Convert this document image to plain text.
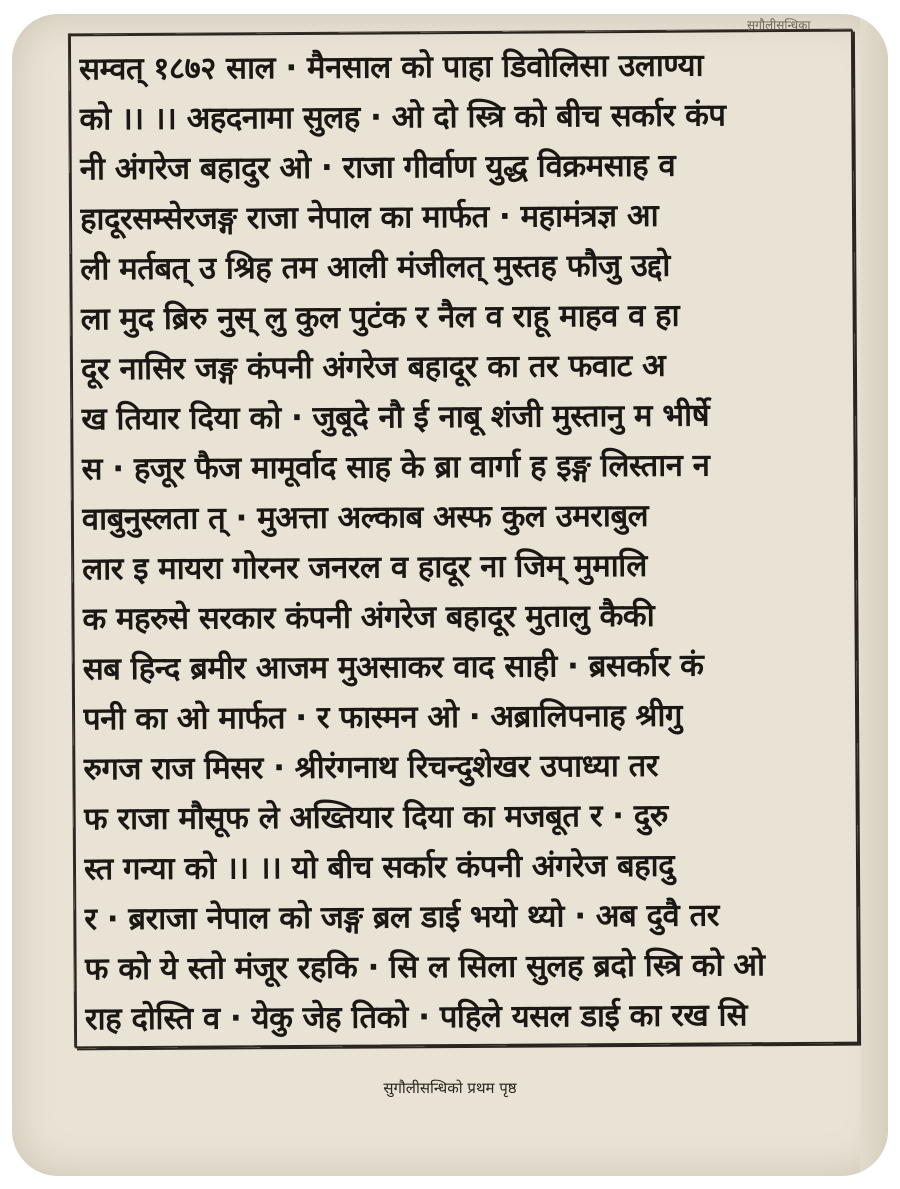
सुगौलीसन्धिका
सम्वत् १८७२ साल · मैनसाल को पाहा डिवोलिसा उलाण्या
को ।। ।। अहदनामा सुलह · ओ दो स्त्रि को बीच सर्कार कंप
नी अंगरेज बहादुर ओ · राजा गीर्वाण युद्ध विक्रमसाह व
हादूरसम्सेरजङ्ग राजा नेपाल का मार्फत · महामंत्रज्ञ आ
ली मर्तबत् उ श्रिह तम आली मंजीलत् मुस्तह फौजु उद्दो
ला मुद ब्रिरु नुस् लु कुल पुटंक र नैल व राहू माहव व हा
दूर नासिर जङ्ग कंपनी अंगरेज बहादूर का तर फवाट अ
ख तियार दिया को · जुबूदे नौ ई नाबू शंजी मुस्तानु म भीर्षे
स · हजूर फैज मामूर्वाद साह के ब्रा वार्गा ह इङ्ग लिस्तान न
वाबुनुस्लता त् · मुअत्ता अल्काब अस्फ कुल उमराबुल
लार इ मायरा गोरनर जनरल व हादूर ना जिम् मुमालि
क महरुसे सरकार कंपनी अंगरेज बहादूर मुतालु कैकी
सब हिन्द ब्रमीर आजम मुअसाकर वाद साही · ब्रसर्कार कं
पनी का ओ मार्फत · र फास्मन ओ · अब्रालिपनाह श्रीगु
रुगज राज मिसर · श्रीरंगनाथ रिचन्दुशेखर उपाध्या तर
फ राजा मौसूफ ले अख्तियार दिया का मजबूत र · दुरु
स्त गन्या को ।। ।। यो बीच सर्कार कंपनी अंगरेज बहादु
र · ब्रराजा नेपाल को जङ्ग ब्रल डाई भयो थ्यो · अब दुवै तर
फ को ये स्तो मंजूर रहकि · सि ल सिला सुलह ब्रदो स्त्रि को ओ
राह दोस्ति व · येकु जेह तिको · पहिले यसल डाई का रख सि
सुगौलीसन्धिको प्रथम पृष्ठ
